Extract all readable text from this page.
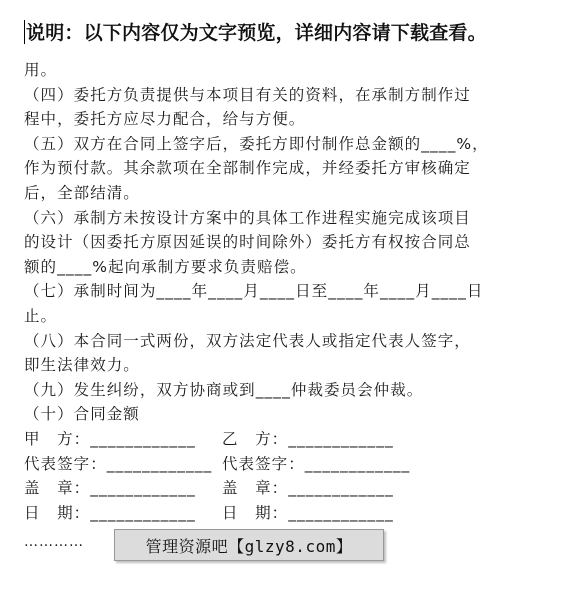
说明：以下内容仅为文字预览，详细内容请下载查看。
用。
（四）委托方负责提供与本项目有关的资料，在承制方制作过
程中，委托方应尽力配合，给与方便。
（五）双方在合同上签字后，委托方即付制作总金额的____%，
作为预付款。其余款项在全部制作完成，并经委托方审核确定
后，全部结清。
（六）承制方未按设计方案中的具体工作进程实施完成该项目
的设计（因委托方原因延误的时间除外）委托方有权按合同总
额的____%起向承制方要求负责赔偿。
（七）承制时间为____年____月____日至____年____月____日
止。
（八）本合同一式两份，双方法定代表人或指定代表人签字，
即生法律效力。
（九）发生纠纷，双方协商或到____仲裁委员会仲裁。
（十）合同金额
甲　方：____________	乙　方：____________
代表签字：____________ 代表签字：____________
盖　章：____________	盖　章：____________
日　期：____________	日　期：____________
…………	管理资源吧【glzy8.com】
